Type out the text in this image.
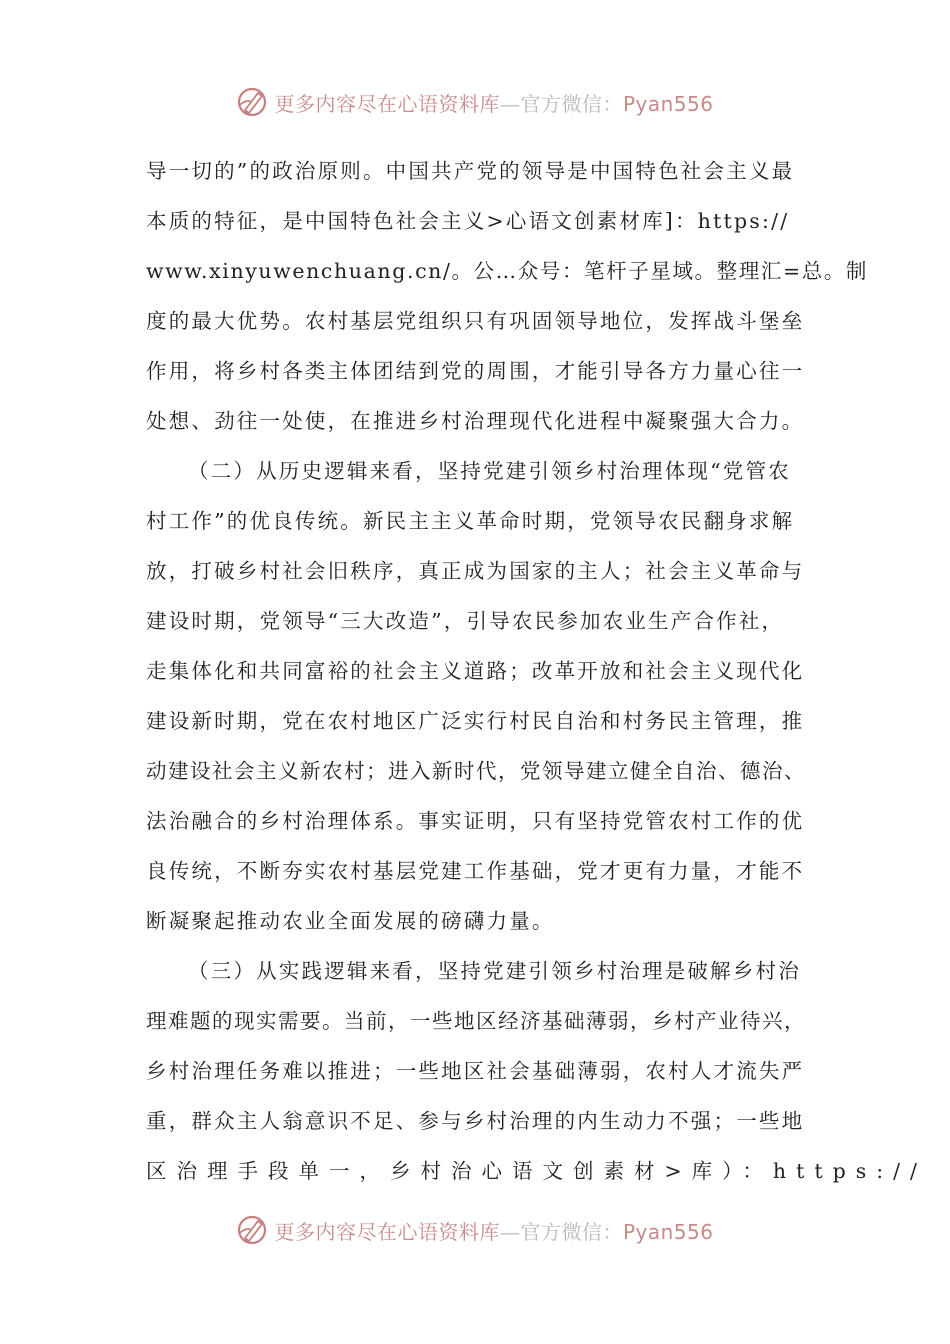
更多内容尽在心语资料库—官方微信：Pyan556
导一切的”的政治原则。中国共产党的领导是中国特色社会主义最
本质的特征，是中国特色社会主义>心语文创素材库]：https://
www.xinyuwenchuang.cn/。公…众号：笔杆子星域。整理汇=总。制
度的最大优势。农村基层党组织只有巩固领导地位，发挥战斗堡垒
作用，将乡村各类主体团结到党的周围，才能引导各方力量心往一
处想、劲往一处使，在推进乡村治理现代化进程中凝聚强大合力。
（二）从历史逻辑来看，坚持党建引领乡村治理体现“党管农
村工作”的优良传统。新民主主义革命时期，党领导农民翻身求解
放，打破乡村社会旧秩序，真正成为国家的主人；社会主义革命与
建设时期，党领导“三大改造”，引导农民参加农业生产合作社，
走集体化和共同富裕的社会主义道路；改革开放和社会主义现代化
建设新时期，党在农村地区广泛实行村民自治和村务民主管理，推
动建设社会主义新农村；进入新时代，党领导建立健全自治、德治、
法治融合的乡村治理体系。事实证明，只有坚持党管农村工作的优
良传统，不断夯实农村基层党建工作基础，党才更有力量，才能不
断凝聚起推动农业全面发展的磅礴力量。
（三）从实践逻辑来看，坚持党建引领乡村治理是破解乡村治
理难题的现实需要。当前，一些地区经济基础薄弱，乡村产业待兴，
乡村治理任务难以推进；一些地区社会基础薄弱，农村人才流失严
重，群众主人翁意识不足、参与乡村治理的内生动力不强；一些地
区治理手段单一，乡村治心语文创素材>库）：https://
更多内容尽在心语资料库—官方微信：Pyan556
